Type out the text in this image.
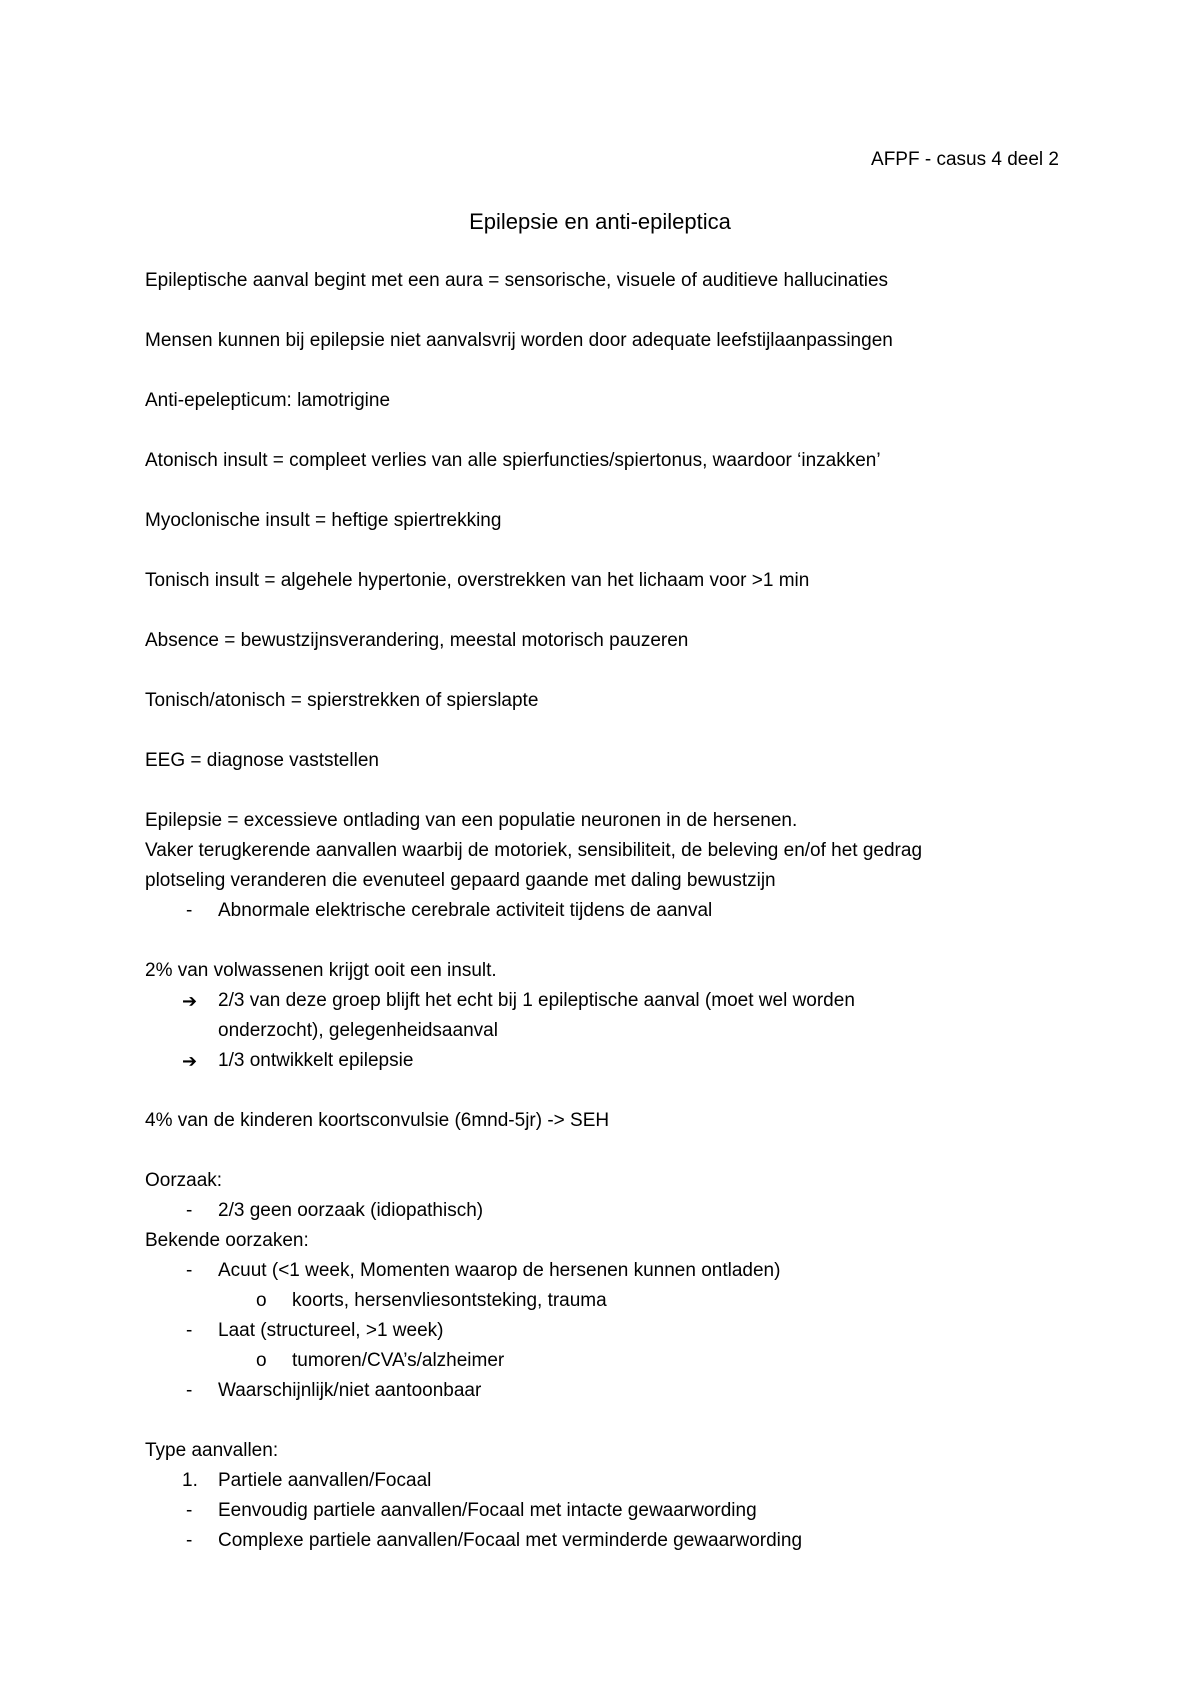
AFPF - casus 4 deel 2
Epilepsie en anti-epileptica

Epileptische aanval begint met een aura = sensorische, visuele of auditieve hallucinaties

Mensen kunnen bij epilepsie niet aanvalsvrij worden door adequate leefstijlaanpassingen

Anti-epelepticum: lamotrigine

Atonisch insult = compleet verlies van alle spierfuncties/spiertonus, waardoor ‘inzakken’

Myoclonische insult = heftige spiertrekking

Tonisch insult = algehele hypertonie, overstrekken van het lichaam voor >1 min

Absence = bewustzijnsverandering, meestal motorisch pauzeren

Tonisch/atonisch = spierstrekken of spierslapte

EEG = diagnose vaststellen

Epilepsie = excessieve ontlading van een populatie neuronen in de hersenen.

Vaker terugkerende aanvallen waarbij de motoriek, sensibiliteit, de beleving en/of het gedrag

plotseling veranderen die evenuteel gepaard gaande met daling bewustzijn

- Abnormale elektrische cerebrale activiteit tijdens de aanval

2% van volwassenen krijgt ooit een insult.

➔ 2/3 van deze groep blijft het echt bij 1 epileptische aanval (moet wel worden
onderzocht), gelegenheidsaanval
➔ 1/3 ontwikkelt epilepsie

4% van de kinderen koortsconvulsie (6mnd-5jr) -> SEH

Oorzaak:

- 2/3 geen oorzaak (idiopathisch)

Bekende oorzaken:

- Acuut (<1 week, Momenten waarop de hersenen kunnen ontladen)
o koorts, hersenvliesontsteking, trauma
- Laat (structureel, >1 week)
o tumoren/CVA’s/alzheimer
- Waarschijnlijk/niet aantoonbaar

Type aanvallen:

1. Partiele aanvallen/Focaal
- Eenvoudig partiele aanvallen/Focaal met intacte gewaarwording
- Complexe partiele aanvallen/Focaal met verminderde gewaarwording
